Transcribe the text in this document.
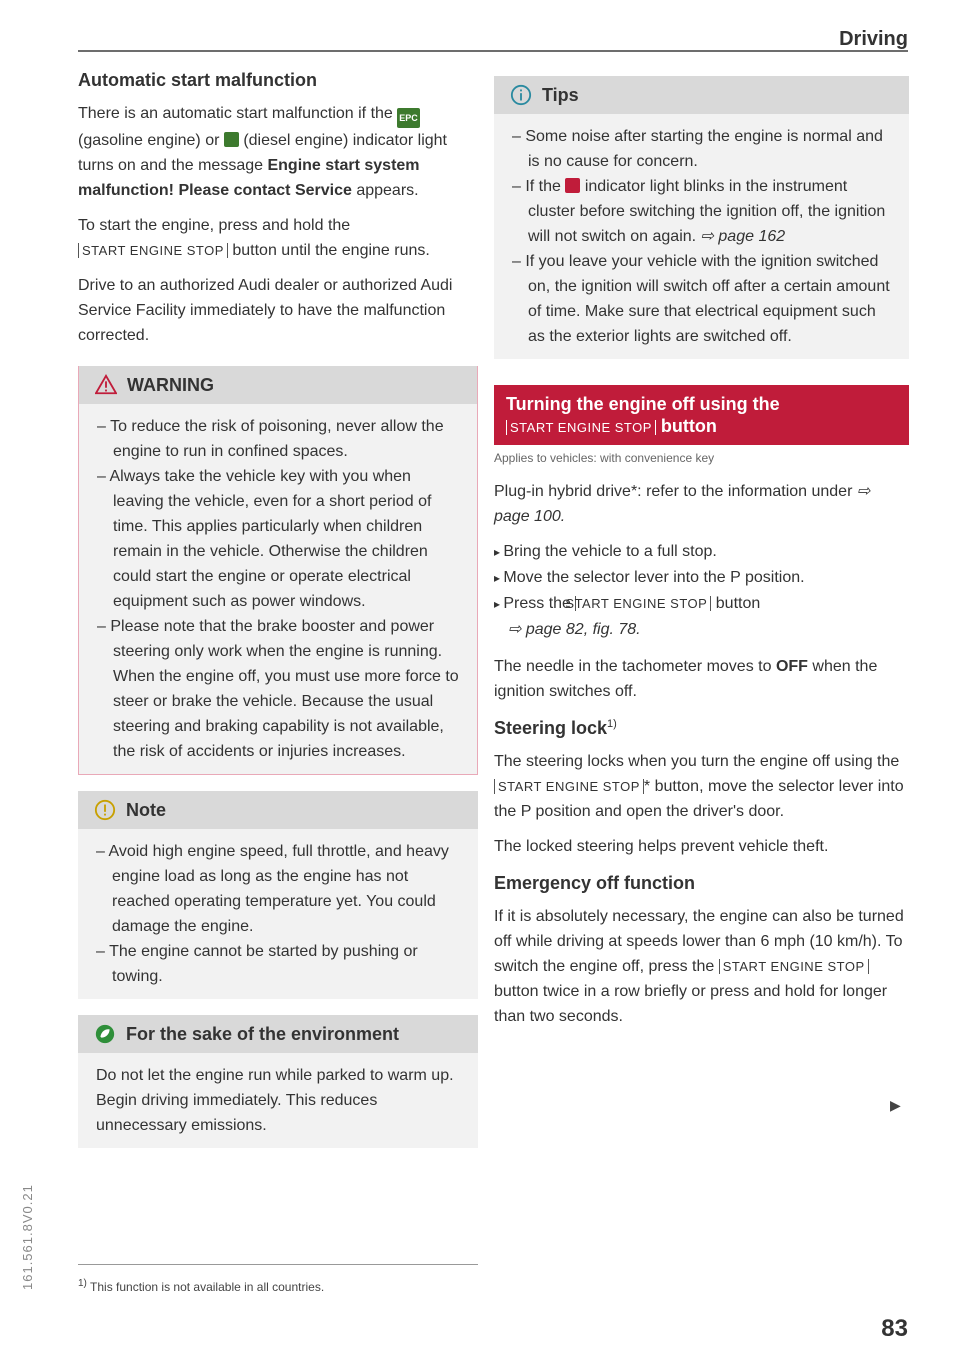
Driving
Automatic start malfunction

There is an automatic start malfunction if the EPC (gasoline engine) or (diesel engine) indicator light turns on and the message Engine start system malfunction! Please contact Service appears.

To start the engine, press and hold the START ENGINE STOP button until the engine runs.

Drive to an authorized Audi dealer or authorized Audi Service Facility immediately to have the malfunction corrected.

WARNING
– To reduce the risk of poisoning, never allow the engine to run in confined spaces.
– Always take the vehicle key with you when leaving the vehicle, even for a short period of time. This applies particularly when children remain in the vehicle. Otherwise the children could start the engine or operate electrical equipment such as power windows.
– Please note that the brake booster and power steering only work when the engine is running. When the engine off, you must use more force to steer or brake the vehicle. Because the usual steering and braking capability is not available, the risk of accidents or injuries increases.
Note
– Avoid high engine speed, full throttle, and heavy engine load as long as the engine has not reached operating temperature yet. You could damage the engine.
– The engine cannot be started by pushing or towing.
For the sake of the environment

Do not let the engine run while parked to warm up. Begin driving immediately. This reduces unnecessary emissions.

Tips
– Some noise after starting the engine is normal and is no cause for concern.
– If the indicator light blinks in the instrument cluster before switching the ignition off, the ignition will not switch on again. ⇨ page 162
– If you leave your vehicle with the ignition switched on, the ignition will switch off after a certain amount of time. Make sure that electrical equipment such as the exterior lights are switched off.
Turning the engine off using the
START ENGINE STOP button
Applies to vehicles: with convenience key

Plug-in hybrid drive*: refer to the information under ⇨ page 100.

▸ Bring the vehicle to a full stop.
▸ Move the selector lever into the P position.
▸ Press the START ENGINE STOP button
⇨ page 82, fig. 78.

The needle in the tachometer moves to OFF when the ignition switches off.

Steering lock$^{1)}$

The steering locks when you turn the engine off using the START ENGINE STOP * button, move the selector lever into the P position and open the driver's door.

The locked steering helps prevent vehicle theft.

Emergency off function

If it is absolutely necessary, the engine can also be turned off while driving at speeds lower than 6 mph (10 km/h). To switch the engine off, press the START ENGINE STOP button twice in a row briefly or press and hold for longer than two seconds.

▶
$^{1)}$ This function is not available in all countries.
161.561.8V0.21
83
